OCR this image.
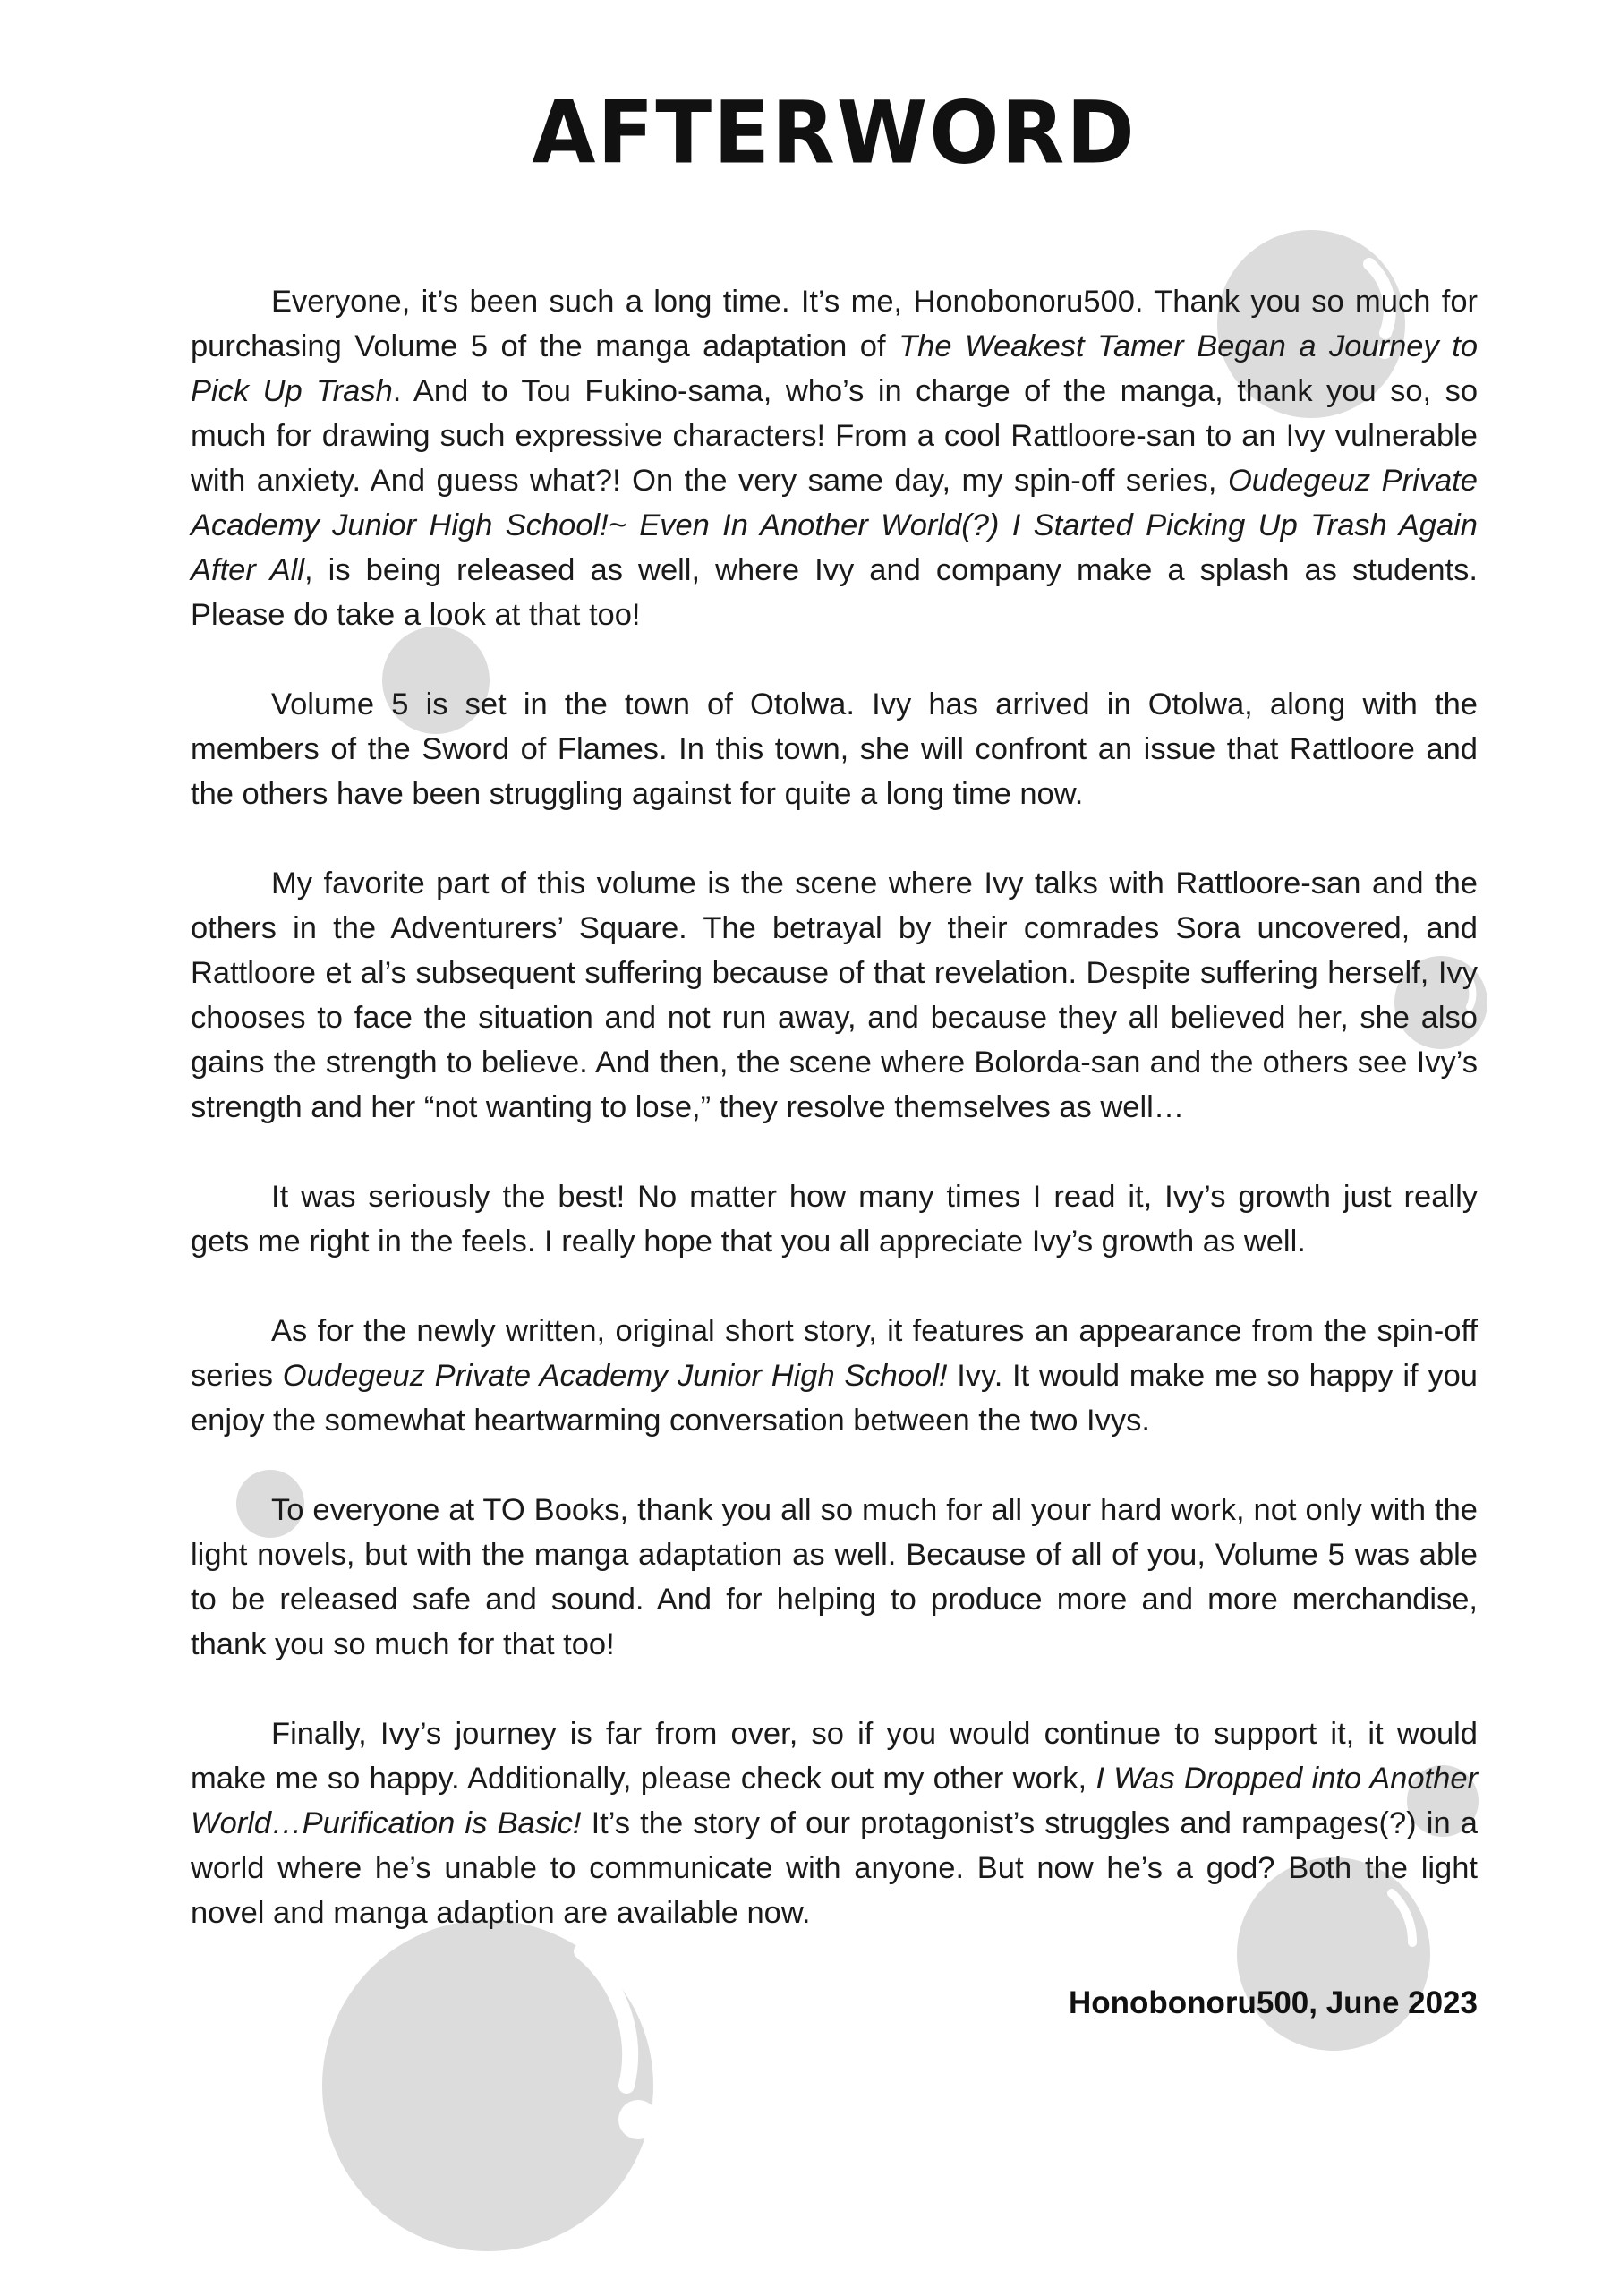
AFTERWORD

Everyone, it’s been such a long time. It’s me, Honobonoru500. Thank you so much for purchasing Volume 5 of the manga adaptation of The Weakest Tamer Began a Journey to Pick Up Trash. And to Tou Fukino-sama, who’s in charge of the manga, thank you so, so much for drawing such expressive characters! From a cool Rattloore-san to an Ivy vulnerable with anxiety. And guess what?! On the very same day, my spin-off series, Oudegeuz Private Academy Junior High School!~ Even In Another World(?) I Started Picking Up Trash Again After All, is being released as well, where Ivy and company make a splash as students. Please do take a look at that too!

Volume 5 is set in the town of Otolwa. Ivy has arrived in Otolwa, along with the members of the Sword of Flames. In this town, she will confront an issue that Rattloore and the others have been struggling against for quite a long time now.

My favorite part of this volume is the scene where Ivy talks with Rattloore-san and the others in the Adventurers’ Square. The betrayal by their comrades Sora uncovered, and Rattloore et al’s subsequent suffering because of that revelation. Despite suffering herself, Ivy chooses to face the situation and not run away, and because they all believed her, she also gains the strength to believe. And then, the scene where Bolorda-san and the others see Ivy’s strength and her “not wanting to lose,” they resolve themselves as well…

It was seriously the best! No matter how many times I read it, Ivy’s growth just really gets me right in the feels. I really hope that you all appreciate Ivy’s growth as well.

As for the newly written, original short story, it features an appearance from the spin-off series Oudegeuz Private Academy Junior High School! Ivy. It would make me so happy if you enjoy the somewhat heartwarming conversation between the two Ivys.

To everyone at TO Books, thank you all so much for all your hard work, not only with the light novels, but with the manga adaptation as well. Because of all of you, Volume 5 was able to be released safe and sound. And for helping to produce more and more merchandise, thank you so much for that too!

Finally, Ivy’s journey is far from over, so if you would continue to support it, it would make me so happy. Additionally, please check out my other work, I Was Dropped into Another World…Purification is Basic! It’s the story of our protagonist’s struggles and rampages(?) in a world where he’s unable to communicate with anyone. But now he’s a god? Both the light novel and manga adaption are available now.

Honobonoru500, June 2023
